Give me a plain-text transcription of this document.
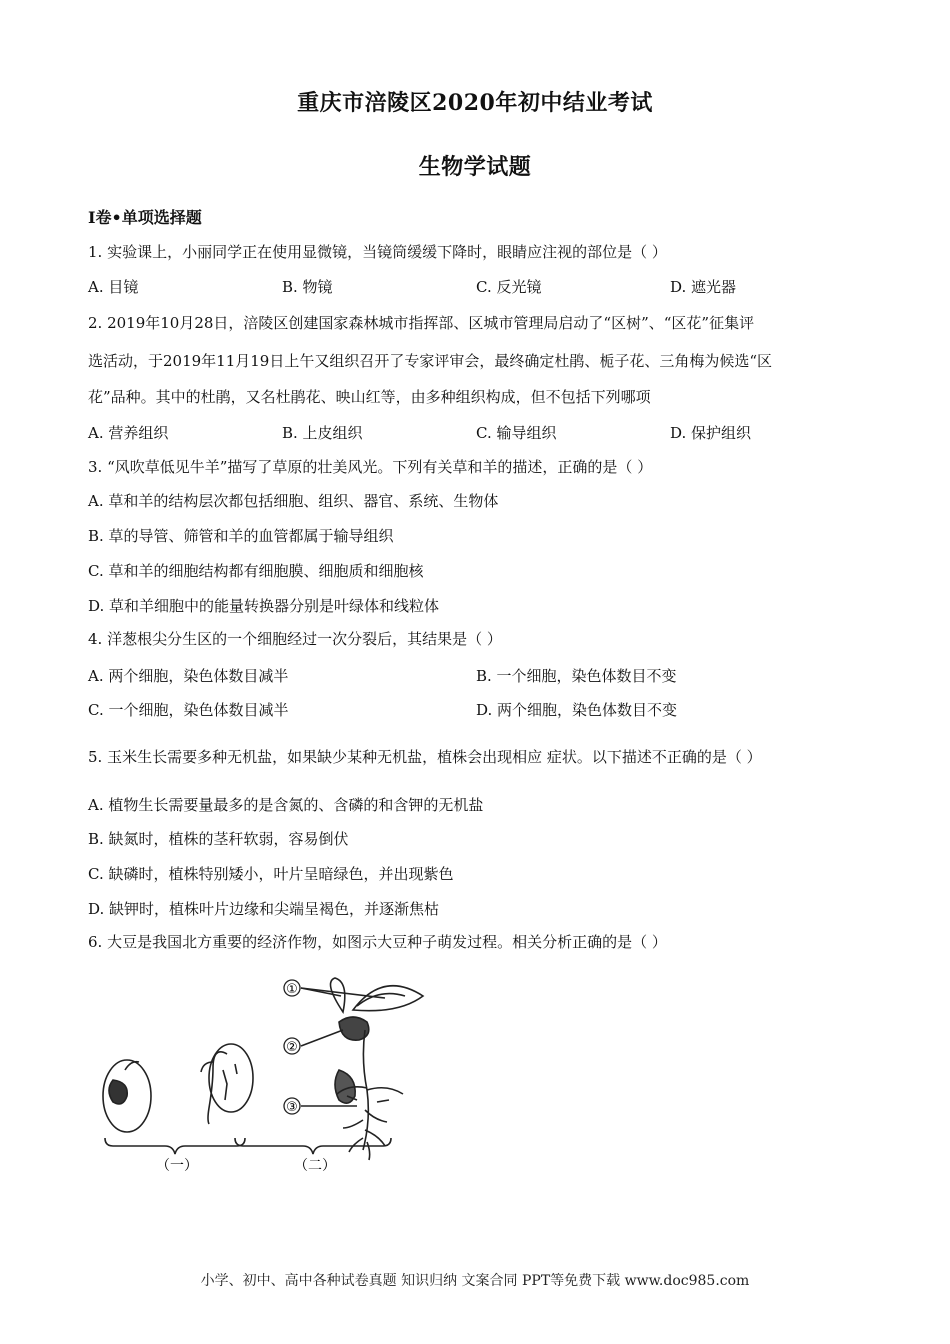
重庆市涪陵区2020年初中结业考试
生物学试题
Ⅰ卷•单项选择题
1. 实验课上，小丽同学正在使用显微镜，当镜筒缓缓下降时，眼睛应注视的部位是（ ）
A. 目镜	B. 物镜	C. 反光镜	D. 遮光器
2. 2019年10月28日，涪陵区创建国家森林城市指挥部、区城市管理局启动了“区树”、“区花”征集评
选活动，于2019年11月19日上午又组织召开了专家评审会，最终确定杜鹃、栀子花、三角梅为候选“区
花”品种。其中的杜鹃，又名杜鹃花、映山红等，由多种组织构成，但不包括下列哪项
A. 营养组织	B. 上皮组织	C. 输导组织	D. 保护组织
3. “风吹草低见牛羊”描写了草原的壮美风光。下列有关草和羊的描述，正确的是（ ）
A. 草和羊的结构层次都包括细胞、组织、器官、系统、生物体
B. 草的导管、筛管和羊的血管都属于输导组织
C. 草和羊的细胞结构都有细胞膜、细胞质和细胞核
D. 草和羊细胞中的能量转换器分别是叶绿体和线粒体
4. 洋葱根尖分生区的一个细胞经过一次分裂后，其结果是（ ）
A. 两个细胞，染色体数目减半	B. 一个细胞，染色体数目不变
C. 一个细胞，染色体数目减半	D. 两个细胞，染色体数目不变
5. 玉米生长需要多种无机盐，如果缺少某种无机盐，植株会出现相应 症状。以下描述不正确的是（ ）
A. 植物生长需要量最多的是含氮的、含磷的和含钾的无机盐
B. 缺氮时，植株的茎秆软弱，容易倒伏
C. 缺磷时，植株特别矮小，叶片呈暗绿色，并出现紫色
D. 缺钾时，植株叶片边缘和尖端呈褐色，并逐渐焦枯
6. 大豆是我国北方重要的经济作物，如图示大豆种子萌发过程。相关分析正确的是（ ）
①
②
③
（一）	（二）
小学、初中、高中各种试卷真题 知识归纳 文案合同 PPT等免费下载 www.doc985.com
